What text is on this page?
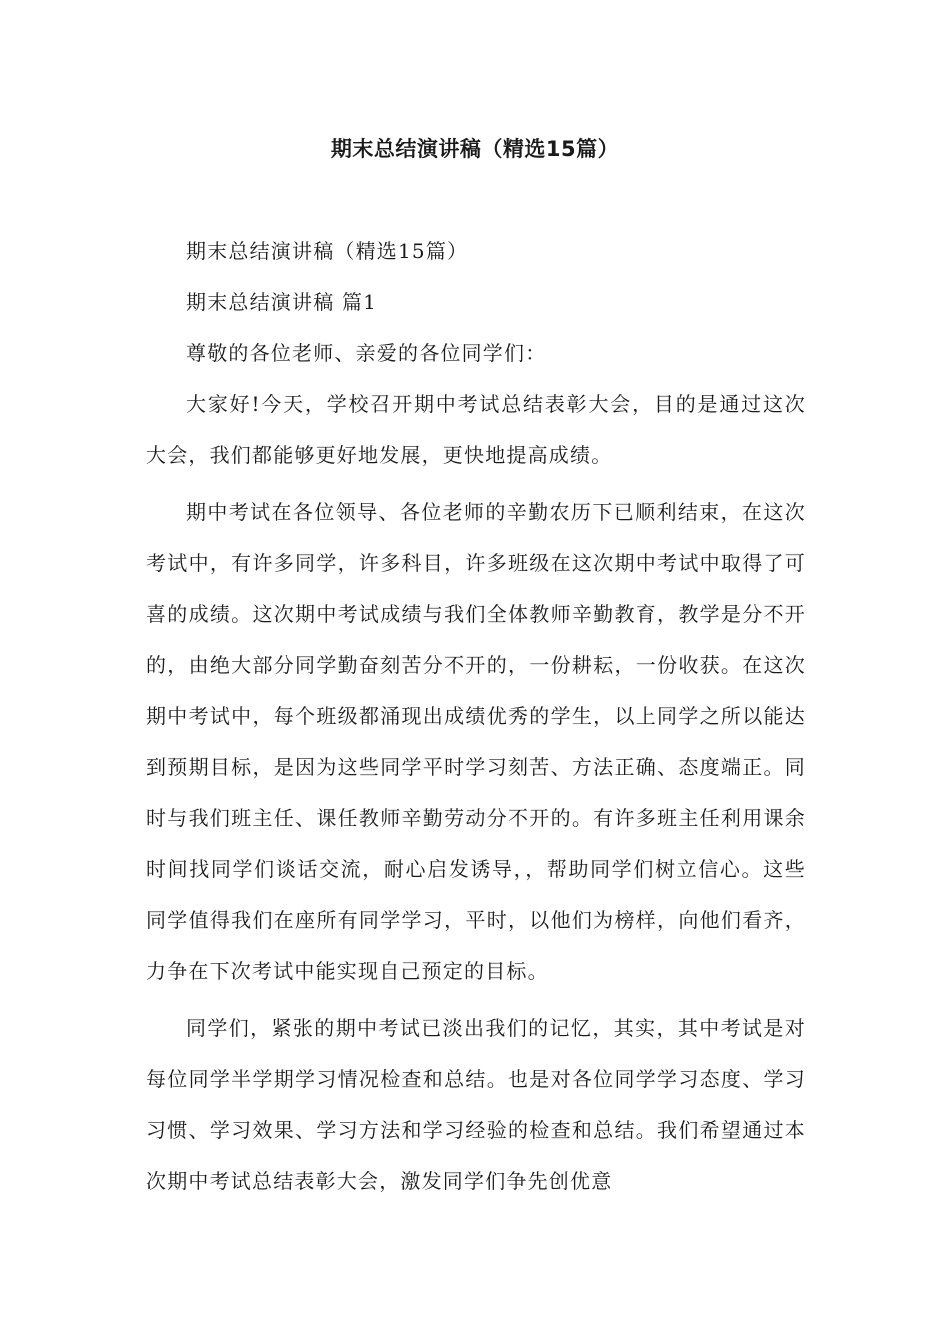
期末总结演讲稿（精选15篇）

期末总结演讲稿（精选15篇）

期末总结演讲稿 篇1

尊敬的各位老师、亲爱的各位同学们：

大家好!今天，学校召开期中考试总结表彰大会，目的是通过这次大会，我们都能够更好地发展，更快地提高成绩。

期中考试在各位领导、各位老师的辛勤农历下已顺利结束，在这次考试中，有许多同学，许多科目，许多班级在这次期中考试中取得了可喜的成绩。这次期中考试成绩与我们全体教师辛勤教育，教学是分不开的，由绝大部分同学勤奋刻苦分不开的，一份耕耘，一份收获。在这次期中考试中，每个班级都涌现出成绩优秀的学生，以上同学之所以能达到预期目标，是因为这些同学平时学习刻苦、方法正确、态度端正。同时与我们班主任、课任教师辛勤劳动分不开的。有许多班主任利用课余时间找同学们谈话交流，耐心启发诱导，，帮助同学们树立信心。这些同学值得我们在座所有同学学习，平时，以他们为榜样，向他们看齐，力争在下次考试中能实现自己预定的目标。

同学们，紧张的期中考试已淡出我们的记忆，其实，其中考试是对每位同学半学期学习情况检查和总结。也是对各位同学学习态度、学习习惯、学习效果、学习方法和学习经验的检查和总结。我们希望通过本次期中考试总结表彰大会，激发同学们争先创优意
